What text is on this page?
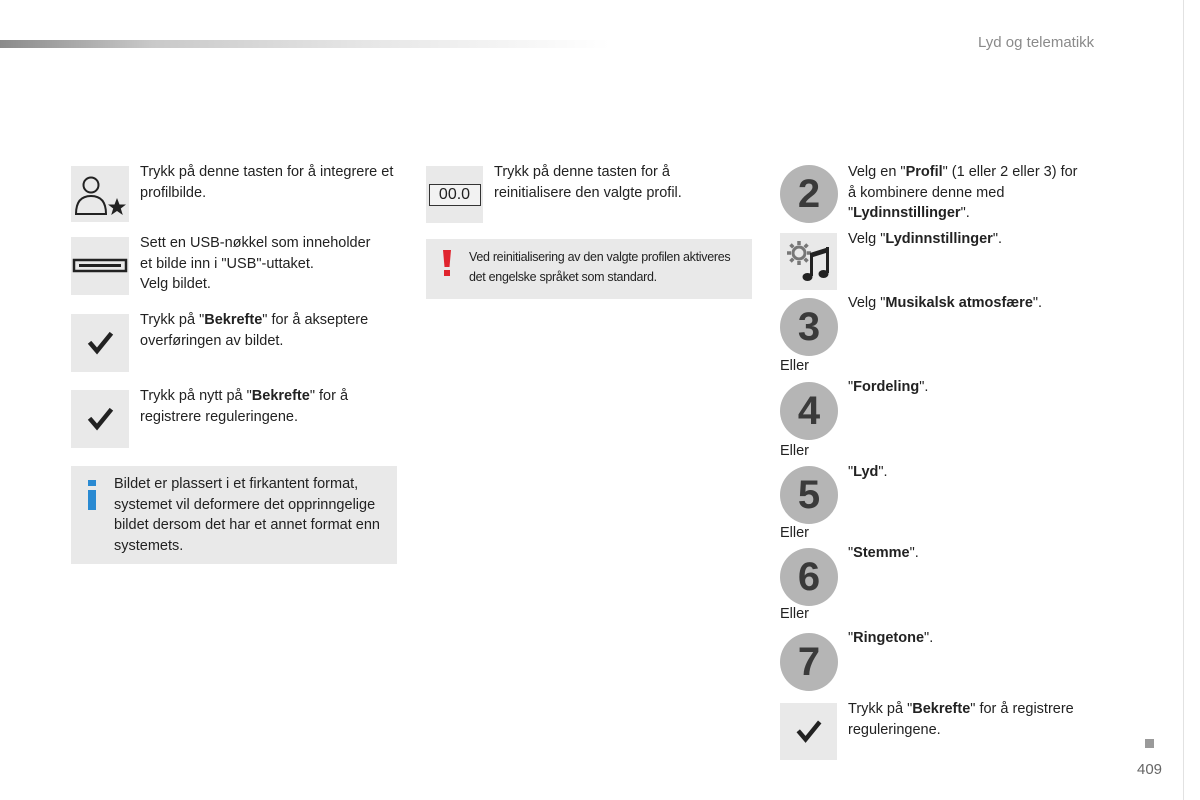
Lyd og telematikk
Trykk på denne tasten for å integrere et profilbilde.
Sett en USB-nøkkel som inneholder
et bilde inn i "USB"-uttaket.
Velg bildet.
Trykk på "Bekrefte" for å akseptere overføringen av bildet.
Trykk på nytt på "Bekrefte" for å registrere reguleringene.
Bildet er plassert i et firkantent format, systemet vil deformere det opprinngelige bildet dersom det har et annet format enn systemets.
00.0
Trykk på denne tasten for å reinitialisere den valgte profil.
Ved reinitialisering av den valgte profilen aktiveres det engelske språket som standard.
2	Velg en "Profil" (1 eller 2 eller 3) for å kombinere denne med "Lydinnstillinger".
Velg "Lydinnstillinger".
3
Velg "Musikalsk atmosfære".
Eller
4
"Fordeling".
Eller
5
"Lyd".
Eller
6
"Stemme".
Eller
7
"Ringetone".
Trykk på "Bekrefte" for å registrere reguleringene.
409
